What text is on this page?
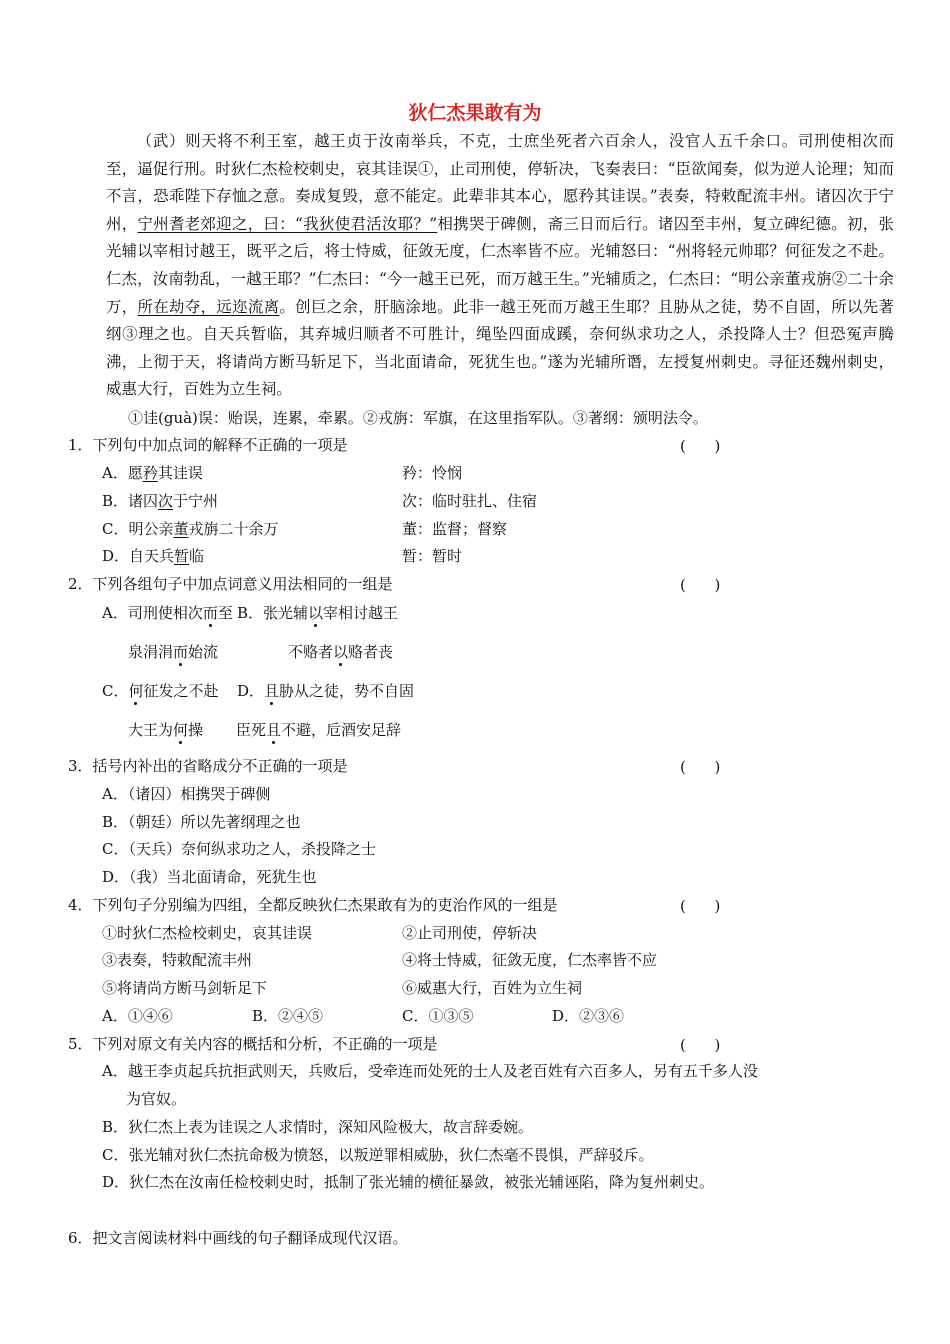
狄仁杰果敢有为
（武）则天将不利王室，越王贞于汝南举兵，不克，士庶坐死者六百余人，没官人五千余口。司刑使相次而至，逼促行刑。时狄仁杰检校刺史，哀其诖误①，止司刑使，停斩决，飞奏表曰：“臣欲闻奏，似为逆人论理；知而不言，恐乖陛下存恤之意。奏成复毁，意不能定。此辈非其本心，愿矜其诖误。”表奏，特敕配流丰州。诸囚次于宁州，宁州耆老郊迎之，曰：“我狄使君活汝耶？”相携哭于碑侧，斋三日而后行。诸囚至丰州，复立碑纪德。初，张光辅以宰相讨越王，既平之后，将士恃威，征敛无度，仁杰率皆不应。光辅怒曰：“州将轻元帅耶？何征发之不赴。仁杰，汝南勃乱，一越王耶？”仁杰曰：“今一越王已死，而万越王生。”光辅质之，仁杰曰：“明公亲董戎旃②二十余万，所在劫夺，远迩流离。创巨之余，肝脑涂地。此非一越王死而万越王生耶？且胁从之徒，势不自固，所以先著纲③理之也。自天兵暂临，其弃城归顺者不可胜计，绳坠四面成蹊，奈何纵求功之人，杀投降人士？但恐冤声腾沸，上彻于天，将请尚方断马斩足下，当北面请命，死犹生也。”遂为光辅所谮，左授复州刺史。寻征还魏州刺史，威惠大行，百姓为立生祠。
①诖(guà)误：贻误，连累，牵累。②戎旃：军旗，在这里指军队。③著纲：颁明法令。
1．下列句中加点词的解释不正确的一项是	(      )
A．愿矜其诖误	矜：怜悯
B．诸囚次于宁州	次：临时驻扎、住宿
C．明公亲董戎旃二十余万	董：监督；督察
D．自天兵暂临	暂：暂时
2．下列各组句子中加点词意义用法相同的一组是	(      )
A．司刑使相次而至 B．张光辅以宰相讨越王
泉涓涓而始流	不赂者以赂者丧
C．何征发之不赴 D．且胁从之徒，势不自固
大王为何操 臣死且不避，卮酒安足辞
3．括号内补出的省略成分不正确的一项是	(      )
A．（诸囚）相携哭于碑侧
B．（朝廷）所以先著纲理之也
C．（天兵）奈何纵求功之人，杀投降之士
D．（我）当北面请命，死犹生也
4．下列句子分别编为四组，全都反映狄仁杰果敢有为的吏治作风的一组是	(      )
①时狄仁杰检校刺史，哀其诖误	②止司刑使，停斩决
③表奏，特敕配流丰州	④将士恃威，征敛无度，仁杰率皆不应
⑤将请尚方断马剑斩足下	⑥威惠大行，百姓为立生祠
A．①④⑥	B．②④⑤	C．①③⑤	D．②③⑥
5．下列对原文有关内容的概括和分析，不正确的一项是	(      )
A．越王李贞起兵抗拒武则天，兵败后，受牵连而处死的士人及老百姓有六百多人，另有五千多人没为官奴。
B．狄仁杰上表为诖误之人求情时，深知风险极大，故言辞委婉。
C．张光辅对狄仁杰抗命极为愤怒，以叛逆罪相威胁，狄仁杰毫不畏惧，严辞驳斥。
D．狄仁杰在汝南任检校刺史时，抵制了张光辅的横征暴敛，被张光辅诬陷，降为复州刺史。
6．把文言阅读材料中画线的句子翻译成现代汉语。
